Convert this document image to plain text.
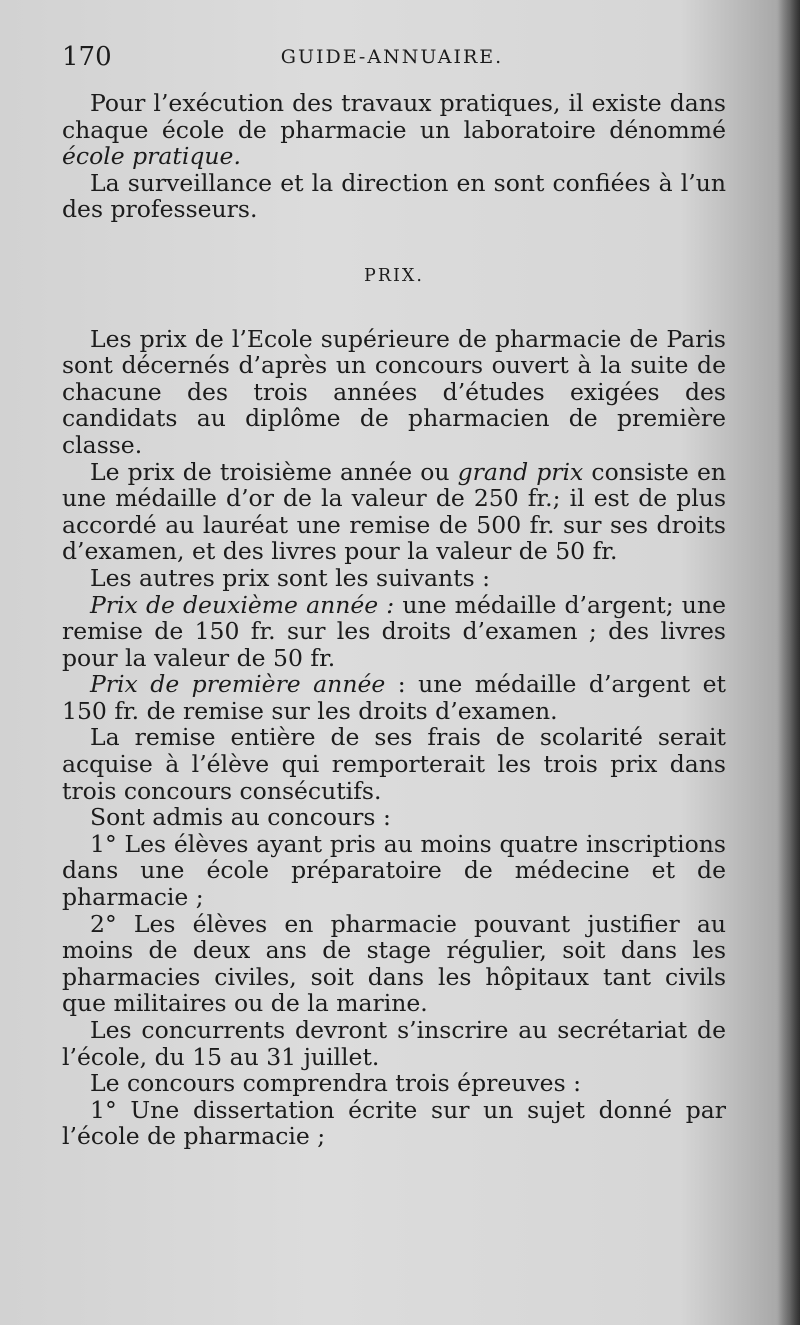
170	GUIDE-ANNUAIRE.

Pour l’exécution des travaux pratiques, il existe dans chaque école de pharmacie un laboratoire dénommé école pratique.

La surveillance et la direction en sont confiées à l’un des professeurs.

PRIX.

Les prix de l’Ecole supérieure de pharmacie de Paris sont décernés d’après un concours ouvert à la suite de chacune des trois années d’études exigées des candidats au diplôme de pharmacien de première classe.

Le prix de troisième année ou grand prix consiste en une médaille d’or de la valeur de 250 fr.; il est de plus accordé au lauréat une remise de 500 fr. sur ses droits d’examen, et des livres pour la valeur de 50 fr.

Les autres prix sont les suivants :

Prix de deuxième année : une médaille d’argent; une remise de 150 fr. sur les droits d’examen ; des livres pour la valeur de 50 fr.

Prix de première année : une médaille d’argent et 150 fr. de remise sur les droits d’examen.

La remise entière de ses frais de scolarité serait acquise à l’élève qui remporterait les trois prix dans trois concours consécutifs.

Sont admis au concours :

1° Les élèves ayant pris au moins quatre inscriptions dans une école préparatoire de médecine et de pharmacie ;

2° Les élèves en pharmacie pouvant justifier au moins de deux ans de stage régulier, soit dans les pharmacies civiles, soit dans les hôpitaux tant civils que militaires ou de la marine.

Les concurrents devront s’inscrire au secrétariat de l’école, du 15 au 31 juillet.

Le concours comprendra trois épreuves :

1° Une dissertation écrite sur un sujet donné par l’école de pharmacie ;
